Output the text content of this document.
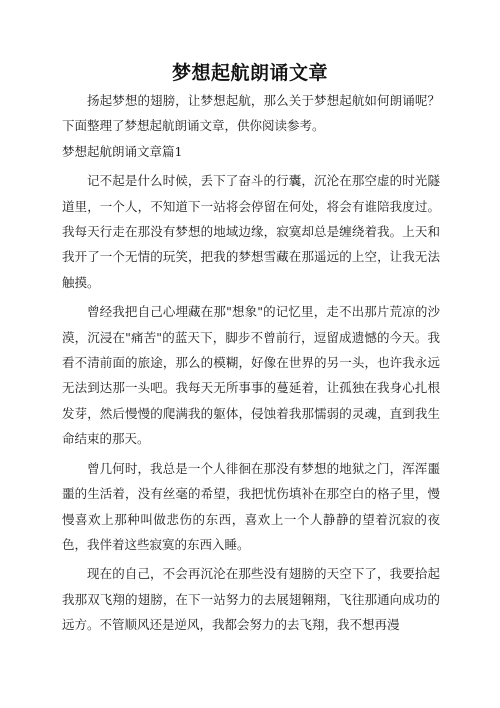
梦想起航朗诵文章

扬起梦想的翅膀，让梦想起航，那么关于梦想起航如何朗诵呢？下面整理了梦想起航朗诵文章，供你阅读参考。

梦想起航朗诵文章篇1

记不起是什么时候，丢下了奋斗的行囊，沉沦在那空虚的时光隧道里，一个人，不知道下一站将会停留在何处，将会有谁陪我度过。我每天行走在那没有梦想的地域边缘，寂寞却总是缠绕着我。上天和我开了一个无情的玩笑，把我的梦想雪藏在那遥远的上空，让我无法触摸。

曾经我把自己心埋藏在那"想象"的记忆里，走不出那片荒凉的沙漠，沉浸在"痛苦"的蓝天下，脚步不曾前行，逗留成遗憾的今天。我看不清前面的旅途，那么的模糊，好像在世界的另一头，也许我永远无法到达那一头吧。我每天无所事事的蔓延着，让孤独在我身心扎根发芽，然后慢慢的爬满我的躯体，侵蚀着我那懦弱的灵魂，直到我生命结束的那天。

曾几何时，我总是一个人徘徊在那没有梦想的地狱之门，浑浑噩噩的生活着，没有丝毫的希望，我把忧伤填补在那空白的格子里，慢慢喜欢上那种叫做悲伤的东西，喜欢上一个人静静的望着沉寂的夜色，我伴着这些寂寞的东西入睡。

现在的自己，不会再沉沦在那些没有翅膀的天空下了，我要拾起我那双飞翔的翅膀，在下一站努力的去展翅翱翔，飞往那通向成功的远方。不管顺风还是逆风，我都会努力的去飞翔，我不想再漫
